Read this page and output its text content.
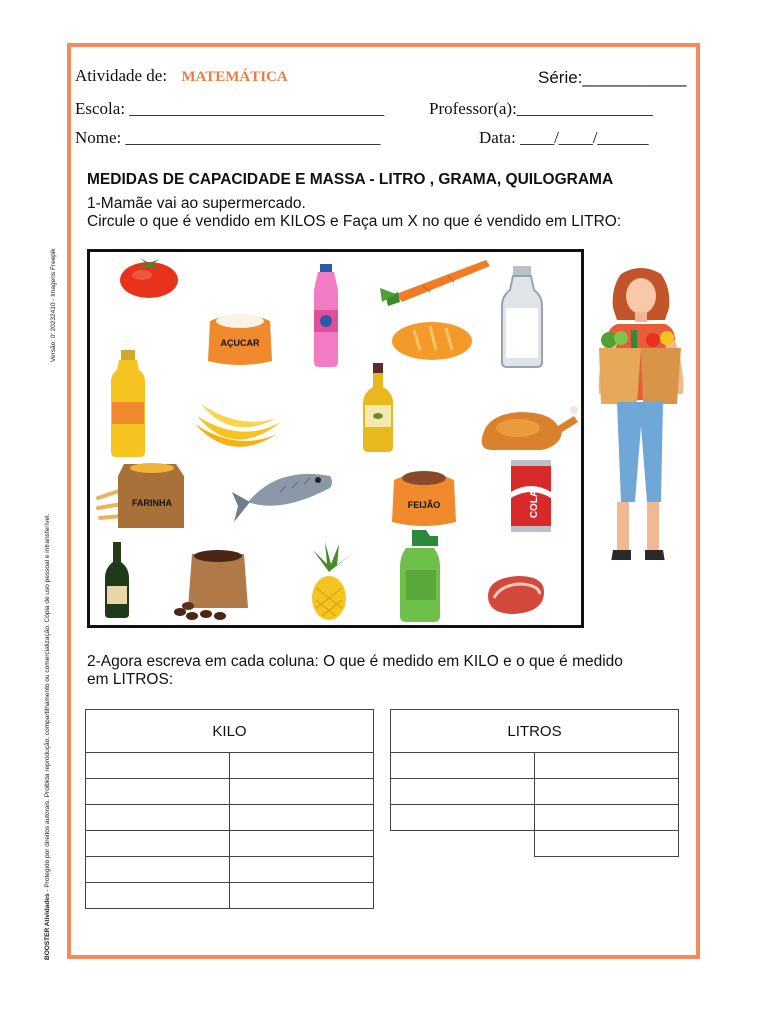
BOOSTER Atividades - Protegido por direitos autorais. Proibida reprodução, compartilhamento ou comercialização. Cópia de uso pessoal e intransferível.
Versão: 0' 20232410 - Imagens Freepik
Atividade de: MATEMÁTICA	Série:___________
Escola: ______________________________	Professor(a):________________
Nome: ______________________________	Data: ____/____/______
MEDIDAS DE CAPACIDADE E MASSA - LITRO , GRAMA, QUILOGRAMA
1-Mamãe vai ao supermercado.
Circule o que é vendido em KILOS e Faça um X no que é vendido em LITRO:
AÇUCAR
FARINHA	FEIJÃO	COLA
2-Agora escreva em cada coluna: O que é medido em KILO e o que é medido
em LITROS:
KILO	

		LITROS	
